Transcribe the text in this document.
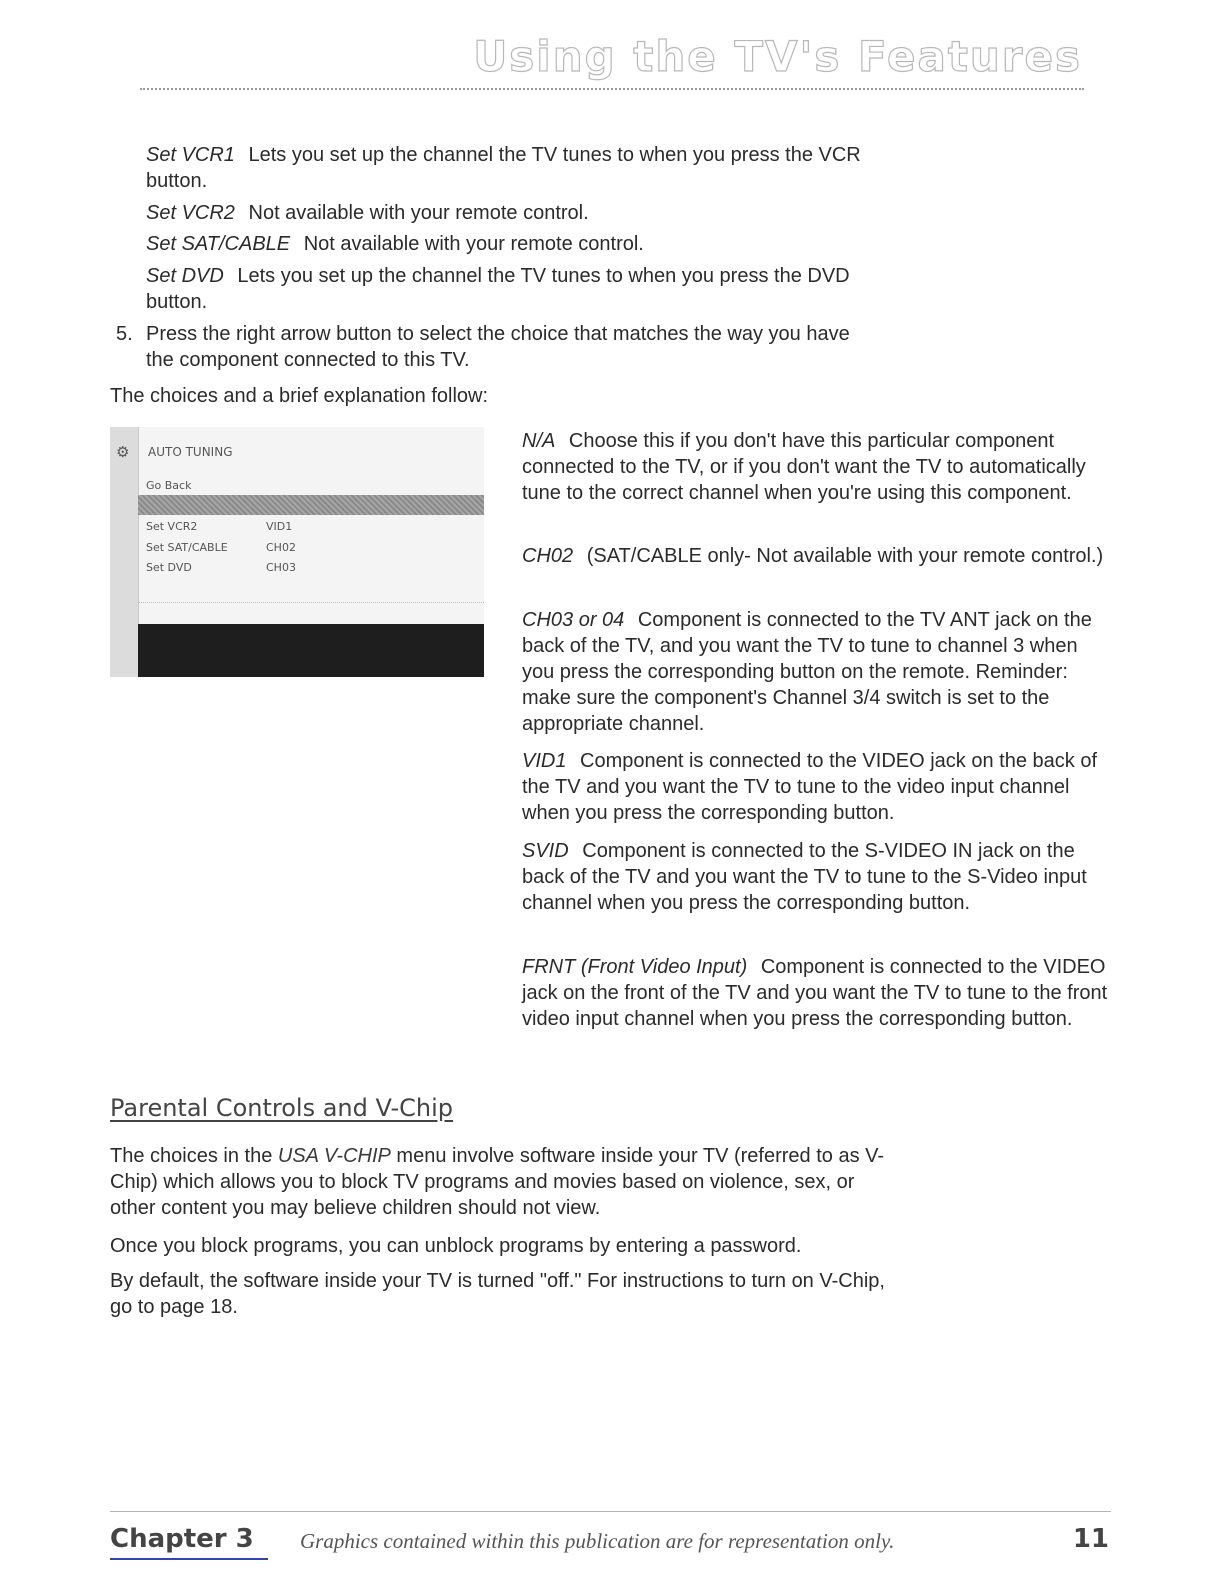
Using the TV's Features
Set VCR1 Lets you set up the channel the TV tunes to when you press the VCR button.
Set VCR2 Not available with your remote control.
Set SAT/CABLE Not available with your remote control.
Set DVD Lets you set up the channel the TV tunes to when you press the DVD button.
5. Press the right arrow button to select the choice that matches the way you have the component connected to this TV.
The choices and a brief explanation follow:
⚙ AUTO TUNING
Go Back
Set VCR2	VID1
Set SAT/CABLE	CH02
Set DVD	CH03
N/A Choose this if you don't have this particular component connected to the TV, or if you don't want the TV to automatically tune to the correct channel when you're using this component.
CH02 (SAT/CABLE only- Not available with your remote control.)
CH03 or 04 Component is connected to the TV ANT jack on the back of the TV, and you want the TV to tune to channel 3 when you press the corresponding button on the remote. Reminder: make sure the component's Channel 3/4 switch is set to the appropriate channel.
VID1 Component is connected to the VIDEO jack on the back of the TV and you want the TV to tune to the video input channel when you press the corresponding button.
SVID Component is connected to the S-VIDEO IN jack on the back of the TV and you want the TV to tune to the S-Video input channel when you press the corresponding button.
FRNT (Front Video Input) Component is connected to the VIDEO jack on the front of the TV and you want the TV to tune to the front video input channel when you press the corresponding button.
Parental Controls and V-Chip
The choices in the USA V-CHIP menu involve software inside your TV (referred to as V-Chip) which allows you to block TV programs and movies based on violence, sex, or other content you may believe children should not view.
Once you block programs, you can unblock programs by entering a password.
By default, the software inside your TV is turned "off." For instructions to turn on V-Chip, go to page 18.
Chapter 3 Graphics contained within this publication are for representation only.	11
